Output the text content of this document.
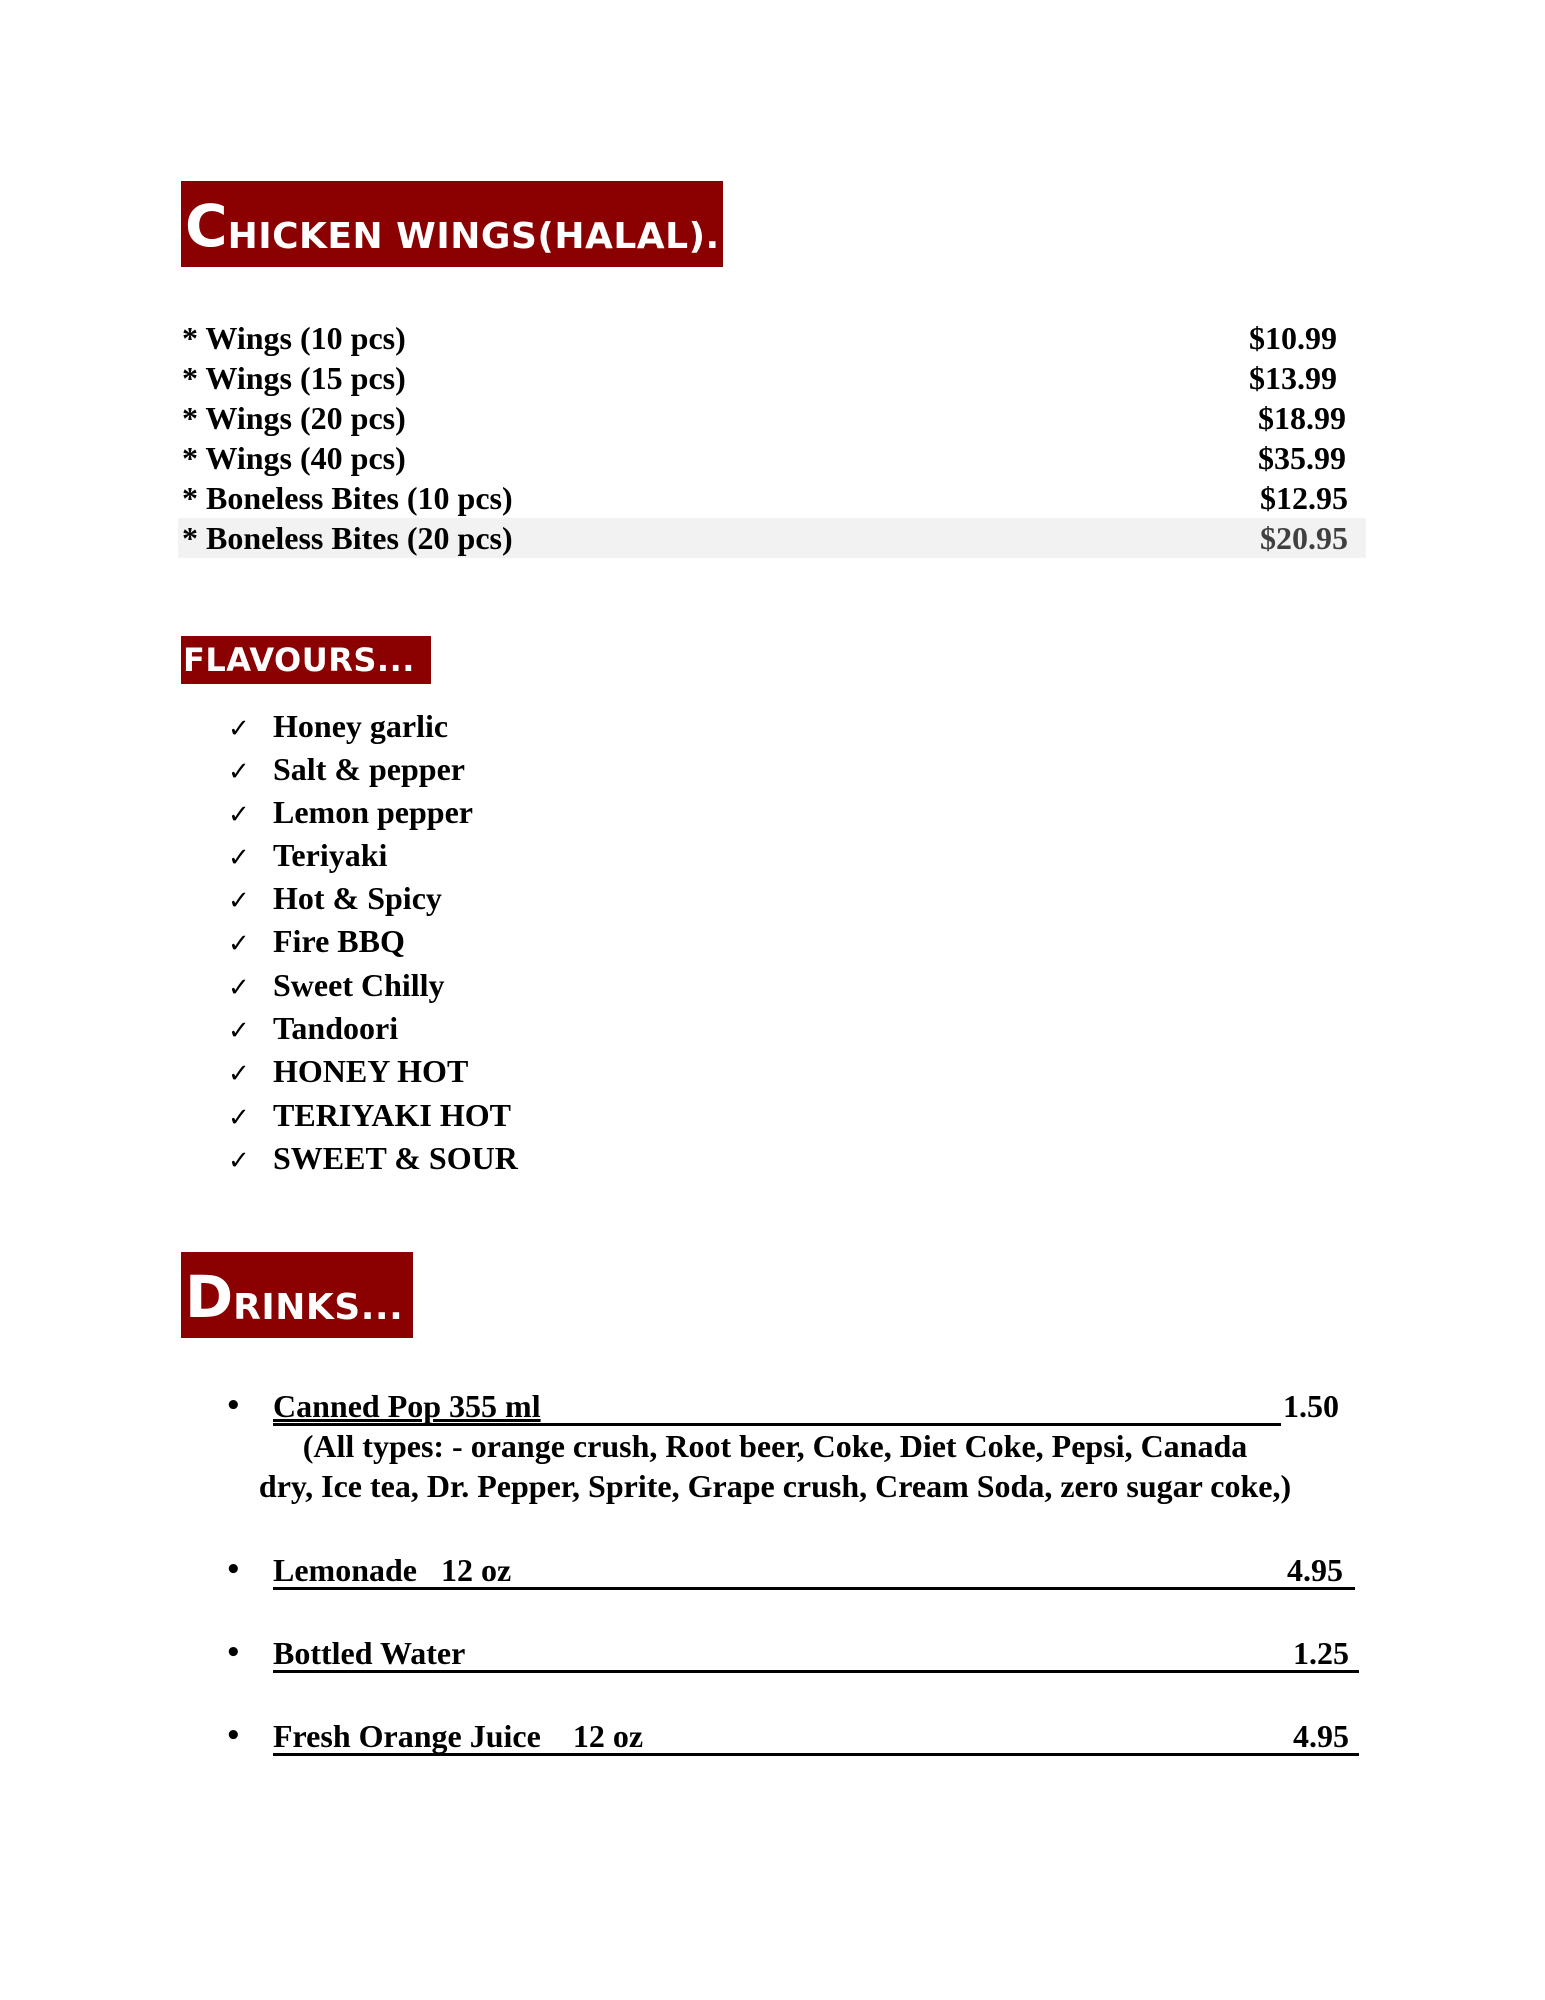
C HICKEN WINGS(HALAL)...
* Wings (10 pcs)	$10.99
* Wings (15 pcs)	$13.99
* Wings (20 pcs)	$18.99
* Wings (40 pcs)	$35.99
* Boneless Bites (10 pcs)	$12.95
* Boneless Bites (20 pcs)	$20.95
FLAVOURS...
✓ Honey garlic
✓ Salt & pepper
✓ Lemon pepper
✓ Teriyaki
✓ Hot & Spicy
✓ Fire BBQ
✓ Sweet Chilly
✓ Tandoori
✓ HONEY HOT
✓ TERIYAKI HOT
✓ SWEET & SOUR
D RINKS...
• Canned Pop 355 ml	1.50
(All types: - orange crush, Root beer, Coke, Diet Coke, Pepsi, Canada
dry, Ice tea, Dr. Pepper, Sprite, Grape crush, Cream Soda, zero sugar coke,)
• Lemonade   12 oz	4.95
• Bottled Water	1.25
• Fresh Orange Juice    12 oz	4.95
